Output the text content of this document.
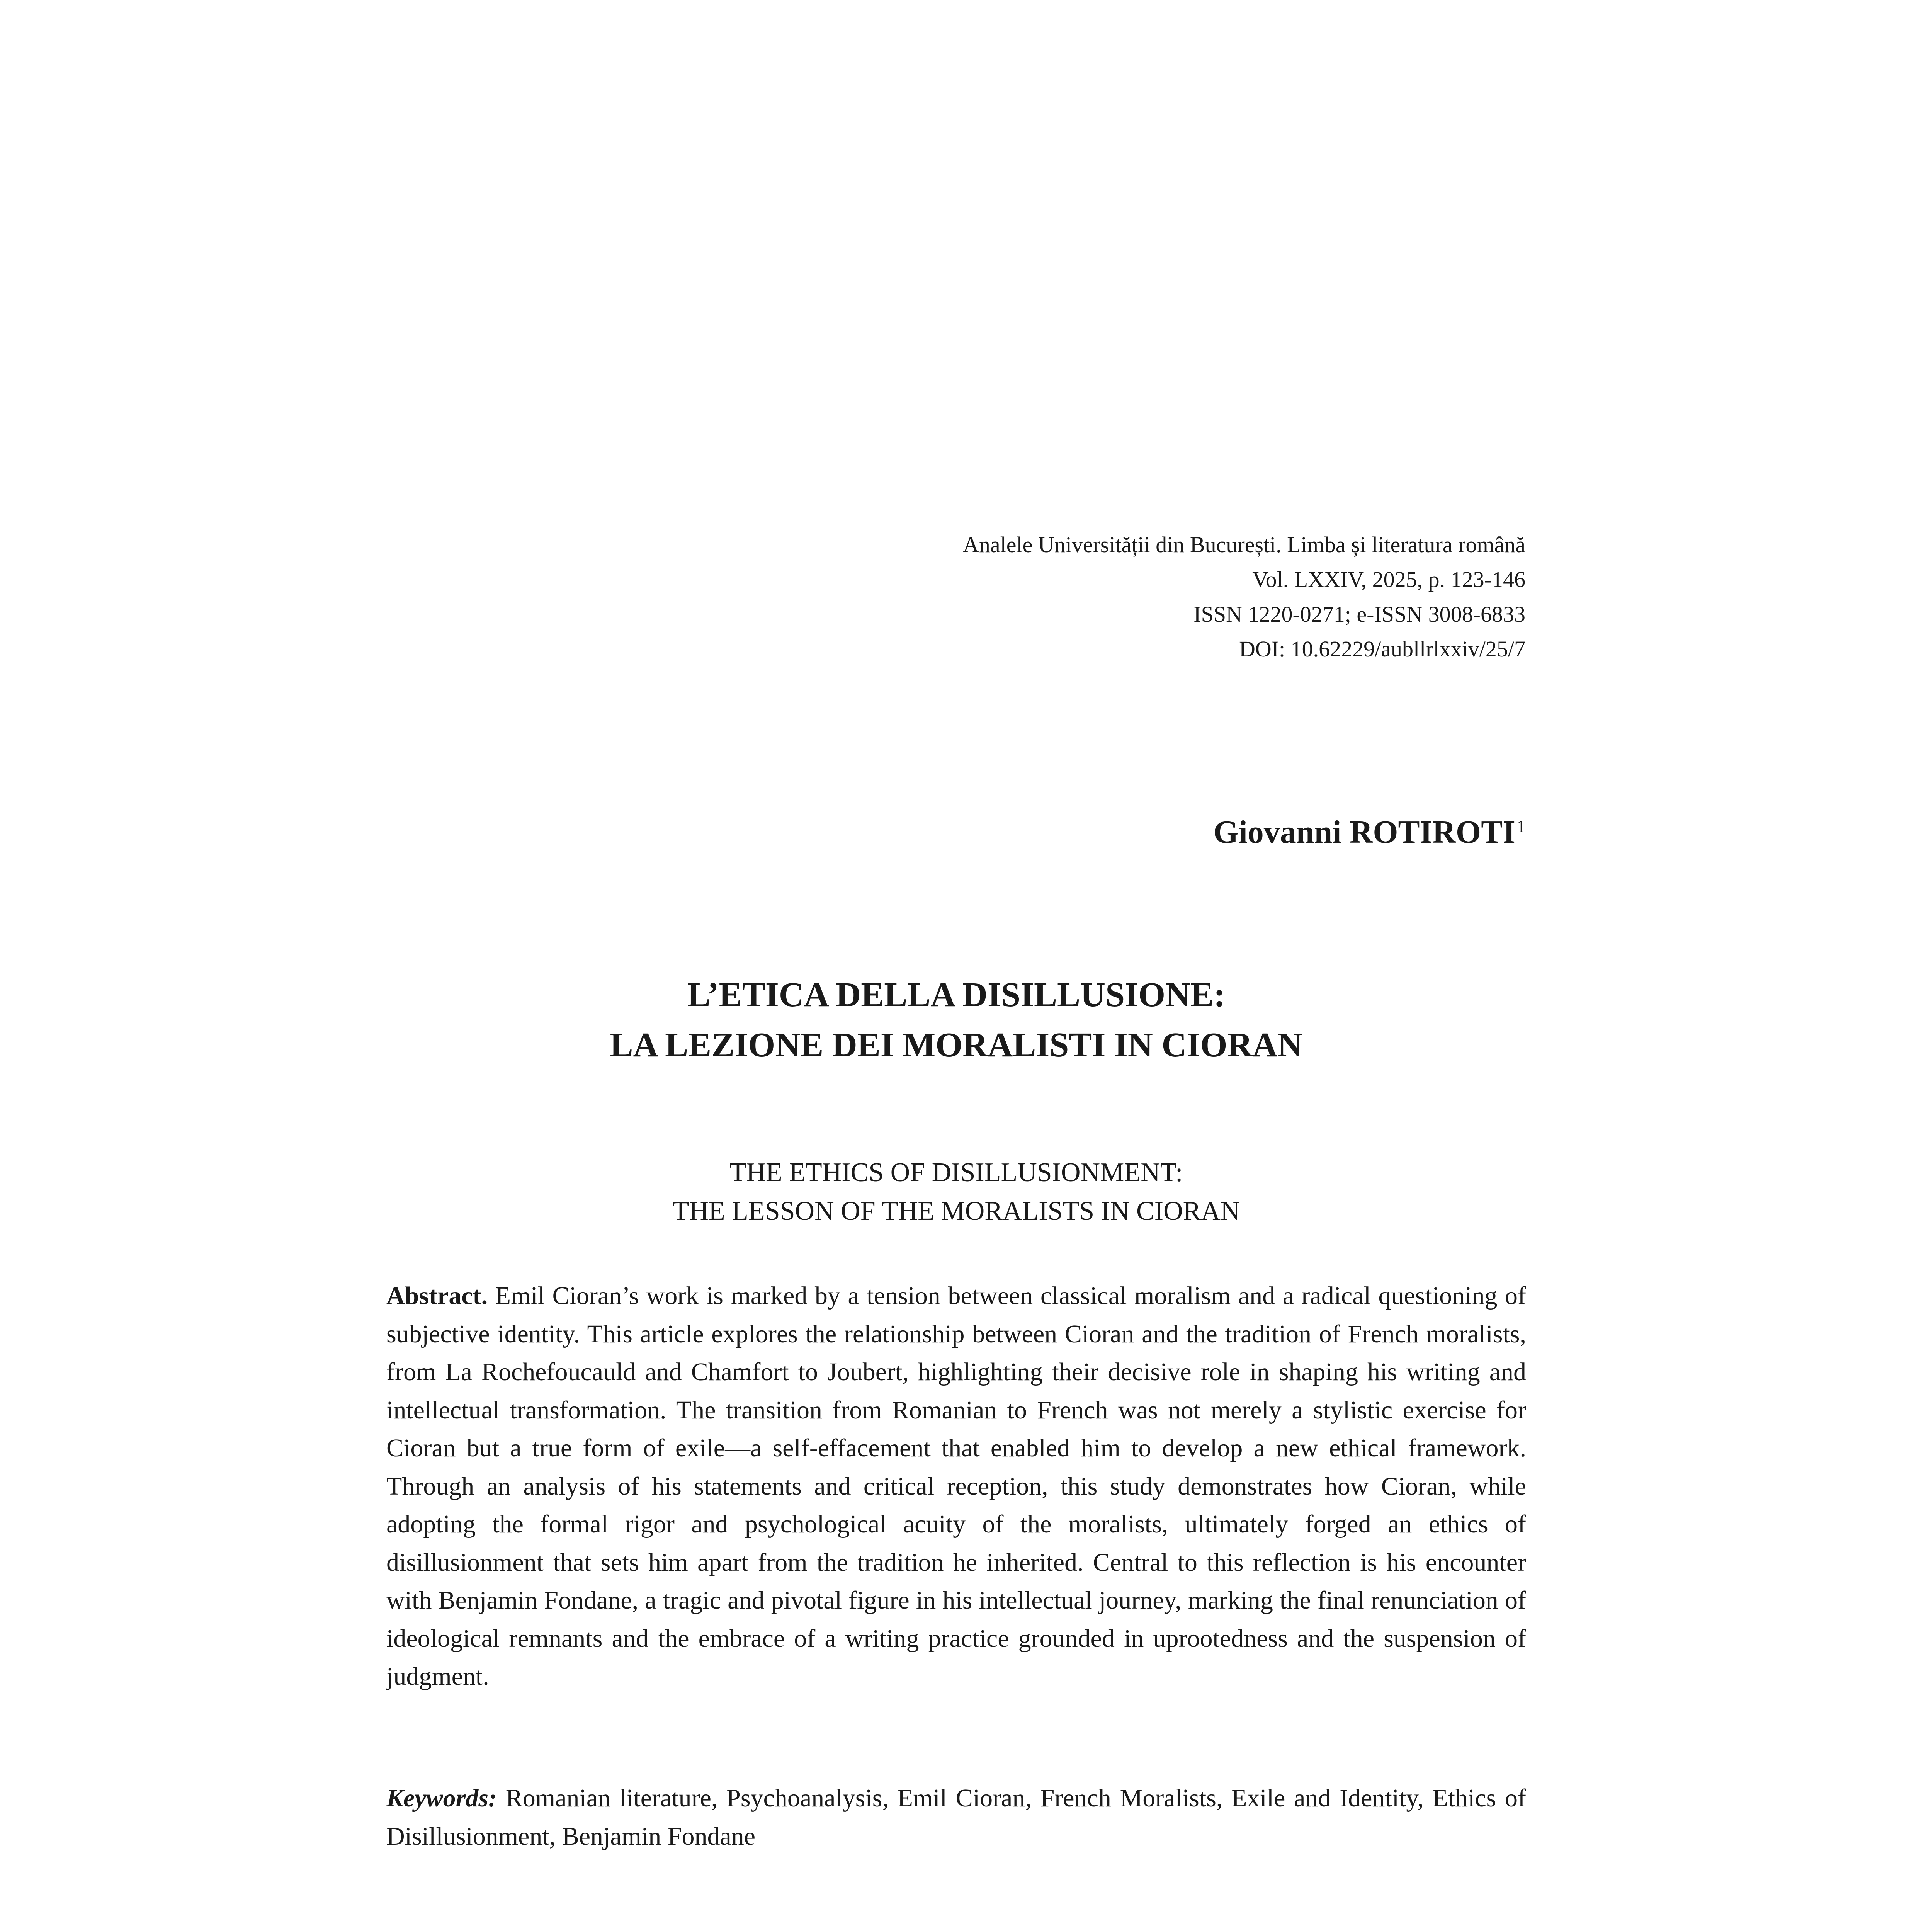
Analele Universității din București. Limba și literatura română
Vol. LXXIV, 2025, p. 123-146
ISSN 1220-0271; e-ISSN 3008-6833
DOI: 10.62229/aubllrlxxiv/25/7
Giovanni ROTIROTI$^1$
L’ETICA DELLA DISILLUSIONE:
LA LEZIONE DEI MORALISTI IN CIORAN
THE ETHICS OF DISILLUSIONMENT:
THE LESSON OF THE MORALISTS IN CIORAN
Abstract. Emil Cioran’s work is marked by a tension between classical moralism and a radical questioning of subjective identity. This article explores the relationship between Cioran and the tradition of French moralists, from La Rochefoucauld and Chamfort to Joubert, highlighting their decisive role in shaping his writing and intellectual transformation. The transition from Romanian to French was not merely a stylistic exercise for Cioran but a true form of exile—a self-effacement that enabled him to develop a new ethical framework. Through an analysis of his statements and critical reception, this study demonstrates how Cioran, while adopting the formal rigor and psychological acuity of the moralists, ultimately forged an ethics of disillusionment that sets him apart from the tradition he inherited. Central to this reflection is his encounter with Benjamin Fondane, a tragic and pivotal figure in his intellectual journey, marking the final renunciation of ideological remnants and the embrace of a writing practice grounded in uprootedness and the suspension of judgment.
Keywords: Romanian literature, Psychoanalysis, Emil Cioran, French Moralists, Exile and Identity, Ethics of Disillusionment, Benjamin Fondane
